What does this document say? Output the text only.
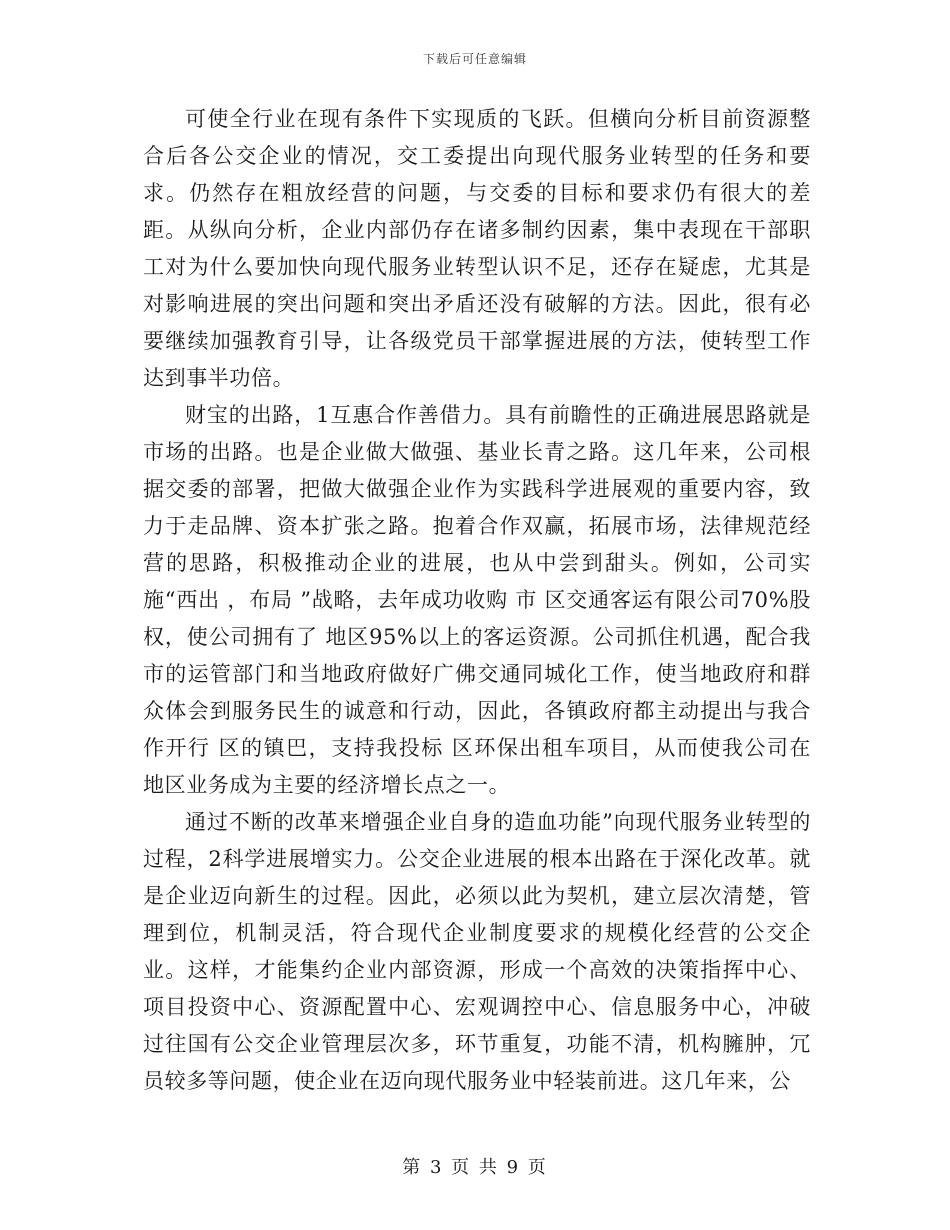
下载后可任意编辑

可使全行业在现有条件下实现质的飞跃。但横向分析目前资源整合后各公交企业的情况，交工委提出向现代服务业转型的任务和要求。仍然存在粗放经营的问题，与交委的目标和要求仍有很大的差距。从纵向分析，企业内部仍存在诸多制约因素，集中表现在干部职工对为什么要加快向现代服务业转型认识不足，还存在疑虑，尤其是对影响进展的突出问题和突出矛盾还没有破解的方法。因此，很有必要继续加强教育引导，让各级党员干部掌握进展的方法，使转型工作达到事半功倍。

财宝的出路，1互惠合作善借力。具有前瞻性的正确进展思路就是市场的出路。也是企业做大做强、基业长青之路。这几年来，公司根据交委的部署，把做大做强企业作为实践科学进展观的重要内容，致力于走品牌、资本扩张之路。抱着合作双赢，拓展市场，法律规范经营的思路，积极推动企业的进展，也从中尝到甜头。例如，公司实施“西出 ，布局 ”战略，去年成功收购 市 区交通客运有限公司70%股权，使公司拥有了 地区95%以上的客运资源。公司抓住机遇，配合我市的运管部门和当地政府做好广佛交通同城化工作，使当地政府和群众体会到服务民生的诚意和行动，因此，各镇政府都主动提出与我合作开行 区的镇巴，支持我投标 区环保出租车项目，从而使我公司在 地区业务成为主要的经济增长点之一。

通过不断的改革来增强企业自身的造血功能”向现代服务业转型的过程，2科学进展增实力。公交企业进展的根本出路在于深化改革。就是企业迈向新生的过程。因此，必须以此为契机，建立层次清楚，管理到位，机制灵活，符合现代企业制度要求的规模化经营的公交企业。这样，才能集约企业内部资源，形成一个高效的决策指挥中心、项目投资中心、资源配置中心、宏观调控中心、信息服务中心，冲破过往国有公交企业管理层次多，环节重复，功能不清，机构臃肿，冗员较多等问题，使企业在迈向现代服务业中轻装前进。这几年来，公

第 3 页 共 9 页
